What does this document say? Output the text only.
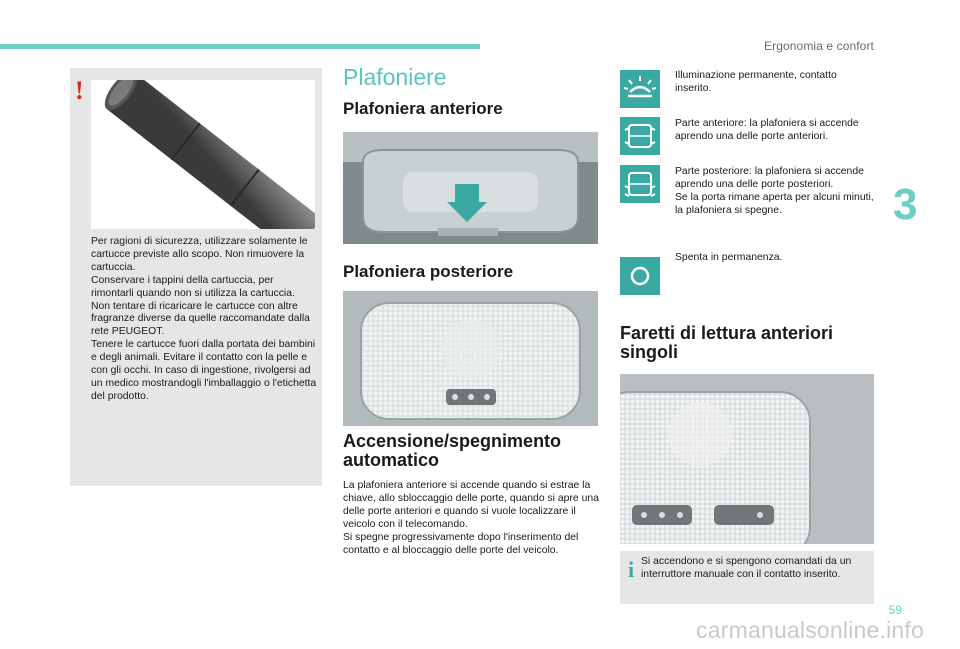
Ergonomia e confort
3
!
Per ragioni di sicurezza, utilizzare solamente le cartucce previste allo scopo. Non rimuovere la cartuccia.
Conservare i tappini della cartuccia, per rimontarli quando non si utilizza la cartuccia.
Non tentare di ricaricare le cartucce con altre fragranze diverse da quelle raccomandate dalla rete PEUGEOT.
Tenere le cartucce fuori dalla portata dei bambini e degli animali. Evitare il contatto con la pelle e con gli occhi. In caso di ingestione, rivolgersi ad un medico mostrandogli l'imballaggio o l'etichetta del prodotto.
Plafoniere
Plafoniera anteriore
Plafoniera posteriore
Accensione/spegnimento automatico
La plafoniera anteriore si accende quando si estrae la chiave, allo sbloccaggio delle porte, quando si apre una delle porte anteriori e quando si vuole localizzare il veicolo con il telecomando.
Si spegne progressivamente dopo l'inserimento del contatto e al bloccaggio delle porte del veicolo.
Illuminazione permanente, contatto inserito.
Parte anteriore: la plafoniera si accende aprendo una delle porte anteriori.
Parte posteriore: la plafoniera si accende aprendo una delle porte posteriori.
Se la porta rimane aperta per alcuni minuti, la plafoniera si spegne.
Spenta in permanenza.
Faretti di lettura anteriori singoli
i Si accendono e si spengono comandati da un interruttore manuale con il contatto inserito.
59
carmanualsonline.info
